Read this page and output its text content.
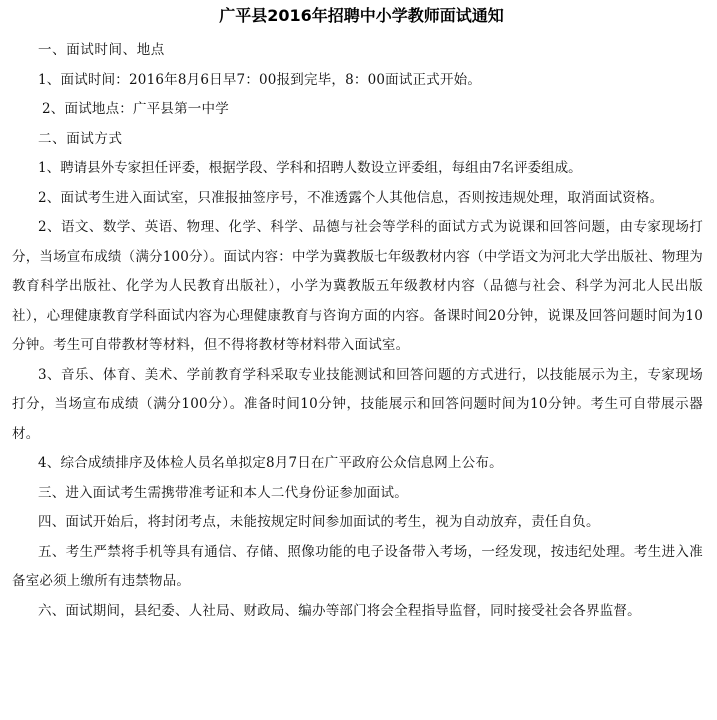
广平县2016年招聘中小学教师面试通知

一、面试时间、地点

1、面试时间：2016年8月6日早7：00报到完毕，8：00面试正式开始。

2、面试地点：广平县第一中学

二、面试方式

1、聘请县外专家担任评委，根据学段、学科和招聘人数设立评委组，每组由7名评委组成。

2、面试考生进入面试室，只准报抽签序号，不准透露个人其他信息，否则按违规处理，取消面试资格。

2、语文、数学、英语、物理、化学、科学、品德与社会等学科的面试方式为说课和回答问题，由专家现场打分，当场宣布成绩（满分100分）。面试内容：中学为冀教版七年级教材内容（中学语文为河北大学出版社、物理为教育科学出版社、化学为人民教育出版社），小学为冀教版五年级教材内容（品德与社会、科学为河北人民出版社），心理健康教育学科面试内容为心理健康教育与咨询方面的内容。备课时间20分钟，说课及回答问题时间为10分钟。考生可自带教材等材料，但不得将教材等材料带入面试室。

3、音乐、体育、美术、学前教育学科采取专业技能测试和回答问题的方式进行，以技能展示为主，专家现场打分，当场宣布成绩（满分100分）。准备时间10分钟，技能展示和回答问题时间为10分钟。考生可自带展示器材。

4、综合成绩排序及体检人员名单拟定8月7日在广平政府公众信息网上公布。

三、进入面试考生需携带准考证和本人二代身份证参加面试。

四、面试开始后，将封闭考点，未能按规定时间参加面试的考生，视为自动放弃，责任自负。

五、考生严禁将手机等具有通信、存储、照像功能的电子设备带入考场，一经发现，按违纪处理。考生进入准备室必须上缴所有违禁物品。

六、面试期间，县纪委、人社局、财政局、编办等部门将会全程指导监督，同时接受社会各界监督。
